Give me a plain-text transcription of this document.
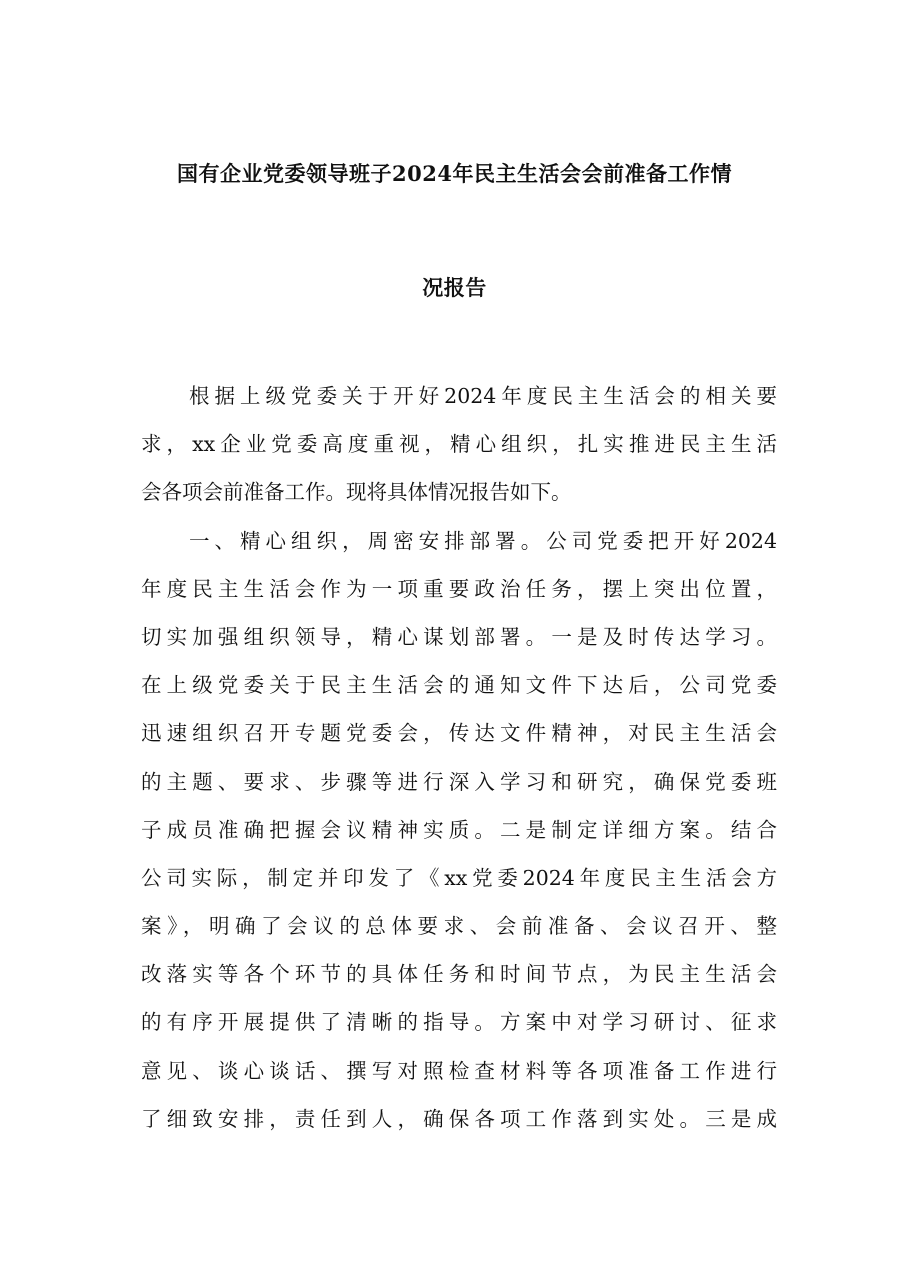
国有企业党委领导班子2024年民主生活会会前准备工作情
况报告
根据上级党委关于开好2024年度民主生活会的相关要
求，xx企业党委高度重视，精心组织，扎实推进民主生活
会各项会前准备工作。现将具体情况报告如下。
一、精心组织，周密安排部署。公司党委把开好2024
年度民主生活会作为一项重要政治任务，摆上突出位置，
切实加强组织领导，精心谋划部署。一是及时传达学习。
在上级党委关于民主生活会的通知文件下达后，公司党委
迅速组织召开专题党委会，传达文件精神，对民主生活会
的主题、要求、步骤等进行深入学习和研究，确保党委班
子成员准确把握会议精神实质。二是制定详细方案。结合
公司实际，制定并印发了《xx党委2024年度民主生活会方
案》，明确了会议的总体要求、会前准备、会议召开、整
改落实等各个环节的具体任务和时间节点，为民主生活会
的有序开展提供了清晰的指导。方案中对学习研讨、征求
意见、谈心谈话、撰写对照检查材料等各项准备工作进行
了细致安排，责任到人，确保各项工作落到实处。三是成
